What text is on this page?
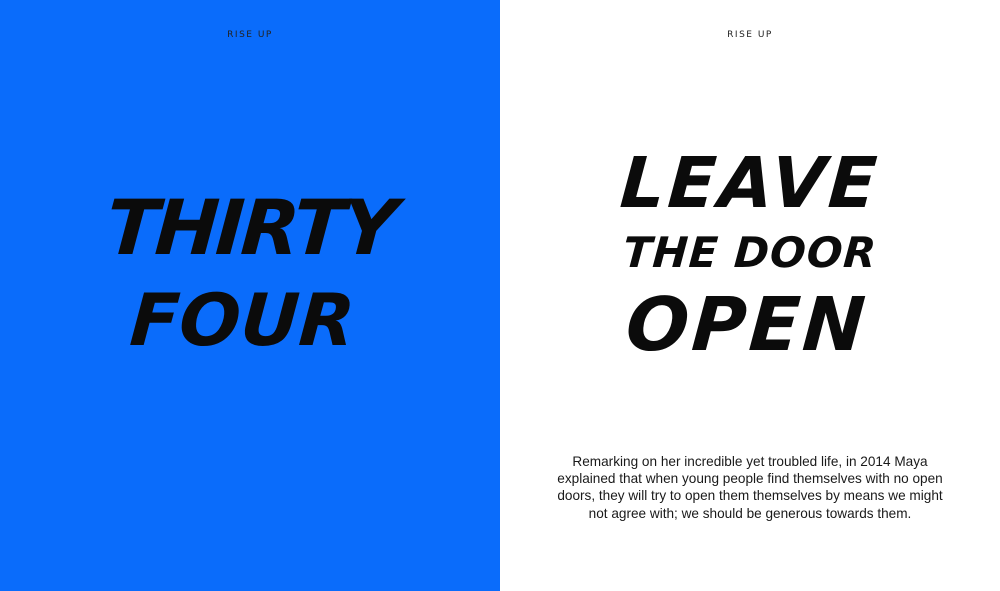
RISE UP
THIRTY
FOUR
RISE UP
LEAVE
THE DOOR
OPEN

Remarking on her incredible yet troubled life, in 2014 Maya explained that when young people find themselves with no open doors, they will try to open them themselves by means we might not agree with; we should be generous towards them.
